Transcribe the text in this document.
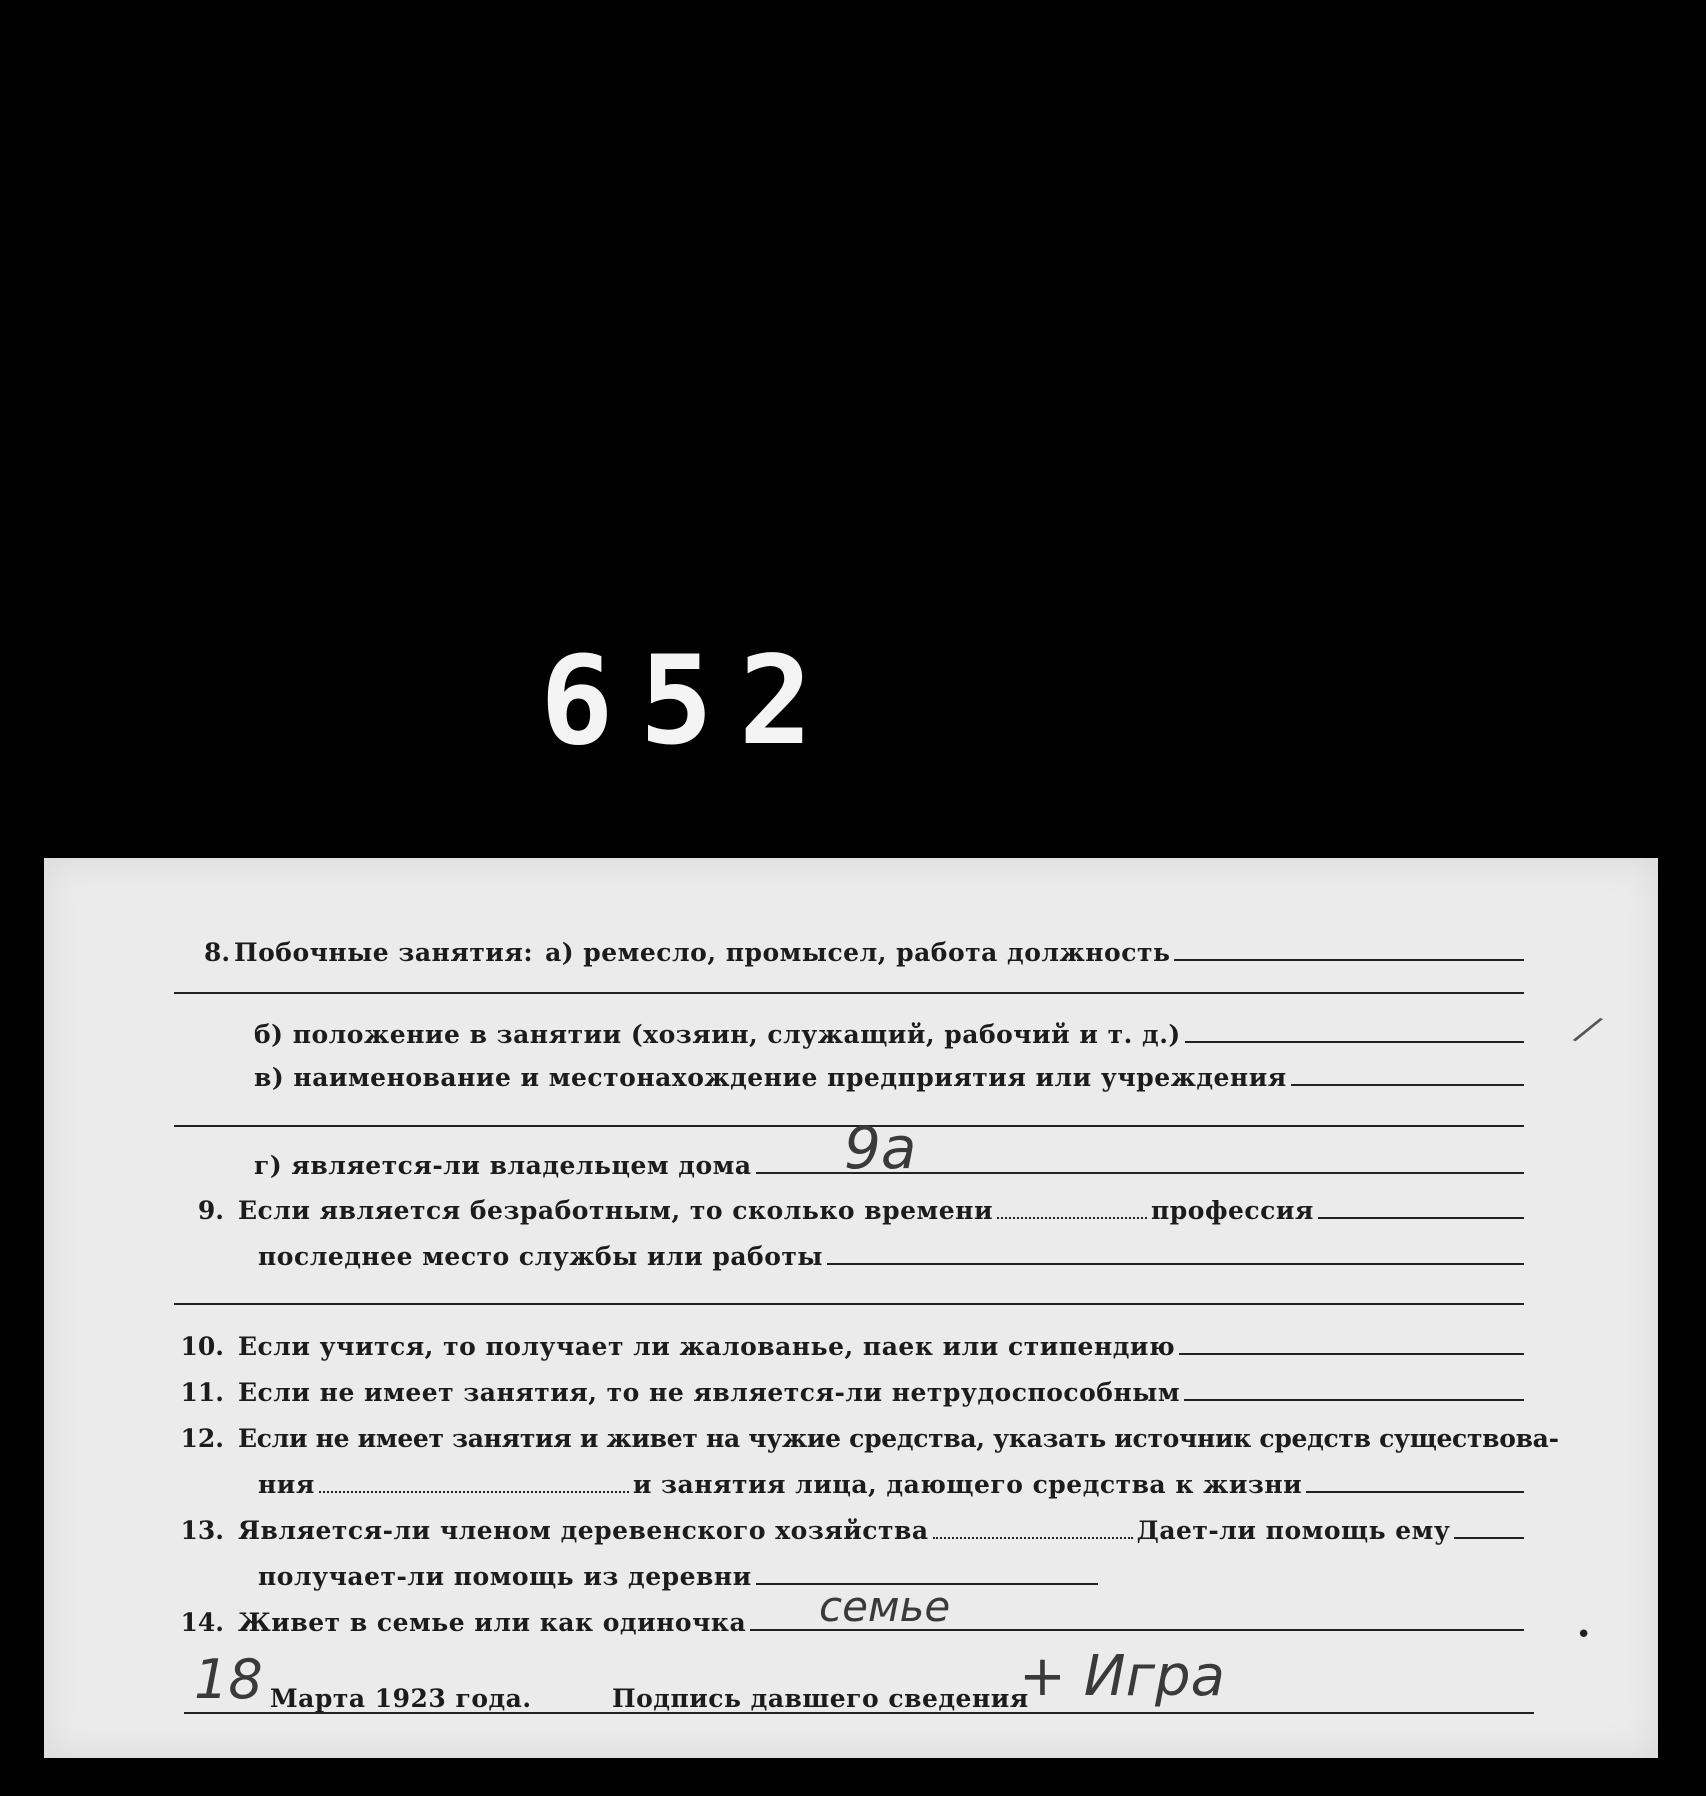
652
8. Побочные занятия: а) ремесло, промысел, работа должность
б) положение в занятии (хозяин, служащий, рабочий и т. д.)
в) наименование и местонахождение предприятия или учреждения
г) является-ли владельцем дома 9а
9. Если является безработным, то сколько времени	профессия
последнее место службы или работы
10. Если учится, то получает ли жалованье, паек или стипендию
11. Если не имеет занятия, то не является-ли нетрудоспособным
12. Если не имеет занятия и живет на чужие средства, указать источник средств существова-
ния	и занятия лица, дающего средства к жизни
13. Является-ли членом деревенского хозяйства	Дает-ли помощь ему
получает-ли помощь из деревни
14. Живет в семье или как одиночка семье
18 Марта 1923 года.	Подпись давшего сведения
+ Игра
⁄
•
